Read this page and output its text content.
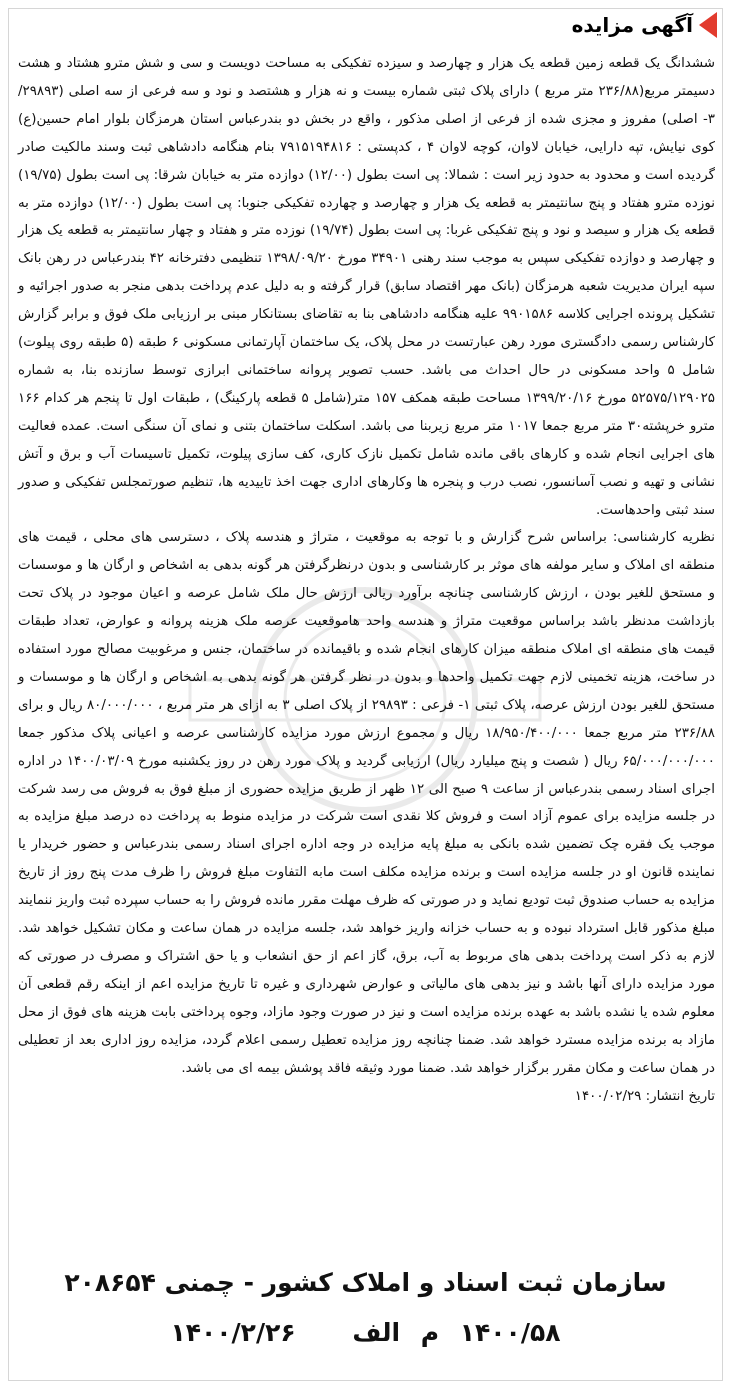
آگهی مزایده

ششدانگ یک قطعه زمین قطعه یک هزار و چهارصد و سیزده تفکیکی به مساحت دویست و سی و شش مترو هشتاد و هشت دسیمتر مربع(۲۳۶/۸۸ متر مربع ) دارای پلاک ثبتی شماره بیست و نه هزار و هشتصد و نود و سه فرعی از سه اصلی (۲۹۸۹۳/ ۳- اصلی) مفروز و مجزی شده از فرعی از اصلی مذکور ، واقع در بخش دو بندرعباس استان هرمزگان بلوار امام حسین(ع) کوی نیایش، تپه دارایی، خیابان لاوان، کوچه لاوان ۴ ، کدپستی : ۷۹۱۵۱۹۴۸۱۶ بنام هنگامه دادشاهی ثبت وسند مالکیت صادر گردیده است و محدود به حدود زیر است : شمالا: پی است بطول (۱۲/۰۰) دوازده متر به خیابان شرقا: پی است بطول (۱۹/۷۵) نوزده مترو هفتاد و پنج سانتیمتر به قطعه یک هزار و چهارصد و چهارده تفکیکی جنوبا: پی است بطول (۱۲/۰۰) دوازده متر به قطعه یک هزار و سیصد و نود و پنج تفکیکی غربا: پی است بطول (۱۹/۷۴) نوزده متر و هفتاد و چهار سانتیمتر به قطعه یک هزار و چهارصد و دوازده تفکیکی سپس به موجب سند رهنی ۳۴۹۰۱ مورخ ۱۳۹۸/۰۹/۲۰ تنظیمی دفترخانه ۴۲ بندرعباس در رهن بانک سپه ایران مدیریت شعبه هرمزگان (بانک مهر اقتصاد سابق) قرار گرفته و به دلیل عدم پرداخت بدهی منجر به صدور اجرائیه و تشکیل پرونده اجرایی کلاسه ۹۹۰۱۵۸۶ علیه هنگامه دادشاهی بنا به تقاضای بستانکار مبنی بر ارزیابی ملک فوق و برابر گزارش کارشناس رسمی دادگستری مورد رهن عبارتست در محل پلاک، یک ساختمان آپارتمانی مسکونی ۶ طبقه (۵ طبقه روی پیلوت) شامل ۵ واحد مسکونی در حال احداث می باشد. حسب تصویر پروانه ساختمانی ابرازی توسط سازنده بنا، به شماره ۵۲۵۷۵/۱۲۹۰۲۵ مورخ ۱۳۹۹/۲۰/۱۶ مساحت طبقه همکف ۱۵۷ متر(شامل ۵ قطعه پارکینگ) ، طبقات اول تا پنجم هر کدام ۱۶۶ مترو خرپشته۳۰ متر مربع جمعا ۱۰۱۷ متر مربع زیربنا می باشد. اسکلت ساختمان بتنی و نمای آن سنگی است. عمده فعالیت های اجرایی انجام شده و کارهای باقی مانده شامل تکمیل نازک کاری، کف سازی پیلوت، تکمیل تاسیسات آب و برق و آتش نشانی و تهیه و نصب آسانسور، نصب درب و پنجره ها وکارهای اداری جهت اخذ تاییدیه ها، تنظیم صورتمجلس تفکیکی و صدور سند ثبتی واحدهاست.

نظریه کارشناسی: براساس شرح گزارش و با توجه به موقعیت ، متراژ و هندسه پلاک ، دسترسی های محلی ، قیمت های منطقه ای املاک و سایر مولفه های موثر بر کارشناسی و بدون درنظرگرفتن هر گونه بدهی به اشخاص و ارگان ها و موسسات و مستحق للغیر بودن ، ارزش کارشناسی چنانچه برآورد ریالی ارزش حال ملک شامل عرصه و اعیان موجود در پلاک تحت بازداشت مدنظر باشد براساس موقعیت متراژ و هندسه واحد هاموقعیت عرصه ملک هزینه پروانه و عوارض، تعداد طبقات قیمت های منطقه ای املاک منطقه میزان کارهای انجام شده و باقیمانده در ساختمان، جنس و مرغوبیت مصالح مورد استفاده در ساخت، هزینه تخمینی لازم جهت تکمیل واحدها و بدون در نظر گرفتن هر گونه بدهی به اشخاص و ارگان ها و موسسات و مستحق للغیر بودن ارزش عرصه، پلاک ثبتی ۱- فرعی : ۲۹۸۹۳ از پلاک اصلی ۳ به ازای هر متر مربع ، ۸۰/۰۰۰/۰۰۰ ریال و برای ۲۳۶/۸۸ متر مربع جمعا ۱۸/۹۵۰/۴۰۰/۰۰۰ ریال و مجموع ارزش مورد مزایده کارشناسی عرصه و اعیانی پلاک مذکور جمعا ۶۵/۰۰۰/۰۰۰/۰۰۰ ریال ( شصت و پنج میلیارد ریال) ارزیابی گردید و پلاک مورد رهن در روز یکشنبه مورخ ۱۴۰۰/۰۳/۰۹ در اداره اجرای اسناد رسمی بندرعباس از ساعت ۹ صبح الی ۱۲ ظهر از طریق مزایده حضوری از مبلغ فوق به فروش می رسد شرکت در جلسه مزایده برای عموم آزاد است و فروش کلا نقدی است شرکت در مزایده منوط به پرداخت ده درصد مبلغ مزایده به موجب یک فقره چک تضمین شده بانکی به مبلغ پایه مزایده در وجه اداره اجرای اسناد رسمی بندرعباس و حضور خریدار یا نماینده قانون او در جلسه مزایده است و برنده مزایده مکلف است مابه التفاوت مبلغ فروش را ظرف مدت پنج روز از تاریخ مزایده به حساب صندوق ثبت تودیع نماید و در صورتی که ظرف مهلت مقرر مانده فروش را به حساب سپرده ثبت واریز ننمایند مبلغ مذکور قابل استرداد نبوده و به حساب خزانه واریز خواهد شد، جلسه مزایده در همان ساعت و مکان تشکیل خواهد شد. لازم به ذکر است پرداخت بدهی های مربوط به آب، برق، گاز اعم از حق انشعاب و یا حق اشتراک و مصرف در صورتی که مورد مزایده دارای آنها باشد و نیز بدهی های مالیاتی و عوارض شهرداری و غیره تا تاریخ مزایده اعم از اینکه رقم قطعی آن معلوم شده یا نشده باشد به عهده برنده مزایده است و نیز در صورت وجود مازاد، وجوه پرداختی بابت هزینه های فوق از محل مازاد به برنده مزایده مسترد خواهد شد. ضمنا چنانچه روز مزایده تعطیل رسمی اعلام گردد، مزایده روز اداری بعد از تعطیلی در همان ساعت و مکان مقرر برگزار خواهد شد. ضمنا مورد وثیقه فاقد پوشش بیمه ای می باشد.

تاریخ انتشار: ۱۴۰۰/۰۲/۲۹

سازمان ثبت اسناد و املاک کشور - چمنی ۲۰۸۶۵۴
۱۴۰۰/۵۸ م الف ۱۴۰۰/۲/۲۶
